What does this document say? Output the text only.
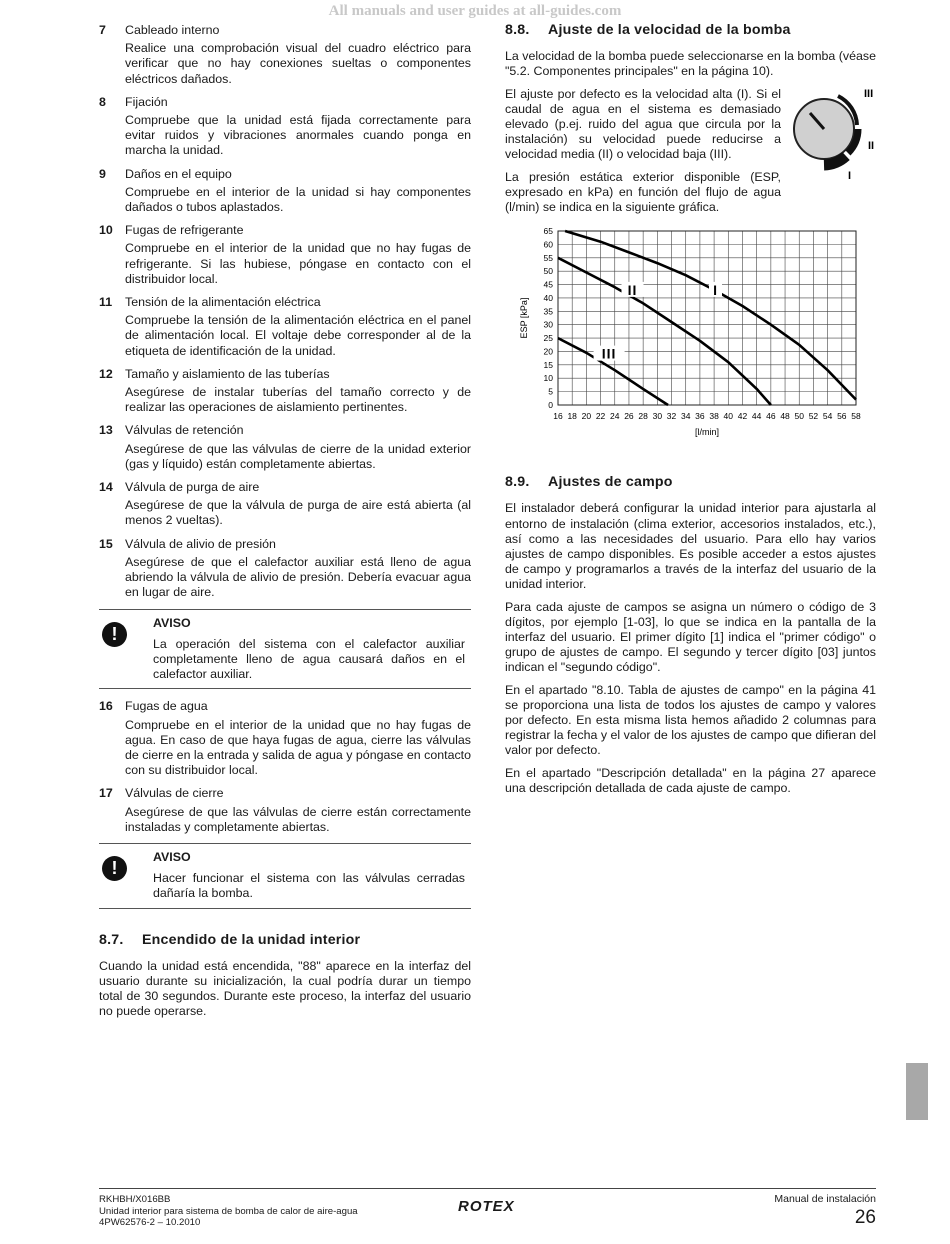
All manuals and user guides at all-guides.com
7	Cableado interno
Realice una comprobación visual del cuadro eléctrico para verificar que no hay conexiones sueltas o componentes eléctricos dañados.
8	Fijación
Compruebe que la unidad está fijada correctamente para evitar ruidos y vibraciones anormales cuando ponga en marcha la unidad.
9	Daños en el equipo
Compruebe en el interior de la unidad si hay componentes dañados o tubos aplastados.
10 Fugas de refrigerante
Compruebe en el interior de la unidad que no hay fugas de refrigerante. Si las hubiese, póngase en contacto con el distribuidor local.
11	Tensión de la alimentación eléctrica
Compruebe la tensión de la alimentación eléctrica en el panel de alimentación local. El voltaje debe corresponder al de la etiqueta de identificación de la unidad.
12 Tamaño y aislamiento de las tuberías
Asegúrese de instalar tuberías del tamaño correcto y de realizar las operaciones de aislamiento pertinentes.
13 Válvulas de retención
Asegúrese de que las válvulas de cierre de la unidad exterior (gas y líquido) están completamente abiertas.
14 Válvula de purga de aire
Asegúrese de que la válvula de purga de aire está abierta (al menos 2 vueltas).
15 Válvula de alivio de presión
Asegúrese de que el calefactor auxiliar está lleno de agua abriendo la válvula de alivio de presión. Debería evacuar agua en lugar de aire.
!
AVISO
La operación del sistema con el calefactor auxiliar completamente lleno de agua causará daños en el calefactor auxiliar.
16 Fugas de agua
Compruebe en el interior de la unidad que no hay fugas de agua. En caso de que haya fugas de agua, cierre las válvulas de cierre en la entrada y salida de agua y póngase en contacto con su distribuidor local.
17 Válvulas de cierre
Asegúrese de que las válvulas de cierre están correctamente instaladas y completamente abiertas.
!
AVISO
Hacer funcionar el sistema con las válvulas cerradas dañaría la bomba.
8.7. Encendido de la unidad interior

Cuando la unidad está encendida, "88" aparece en la interfaz del usuario durante su inicialización, la cual podría durar un tiempo total de 30 segundos. Durante este proceso, la interfaz del usuario no puede operarse.

8.8. Ajuste de la velocidad de la bomba

La velocidad de la bomba puede seleccionarse en la bomba (véase "5.2. Componentes principales" en la página 10).

El ajuste por defecto es la velocidad alta (I). Si el caudal de agua en el sistema es demasiado elevado (p.ej. ruido del agua que circula por la instalación) su velocidad puede reducirse a velocidad media (II) o velocidad baja (III).

La presión estática exterior disponible (ESP, expresado en kPa) en función del flujo de agua (l/min) se indica en la siguiente gráfica.

III
II
I
16 18 20 22 24 26 28 30 32 34 36 38 40 42 44 46 48 50 52 54 56 58
0
5
10
15
20
25
30
35
40
45
50
55
60
65
[l/min]
ESP [kPa]
I
II
III
8.9. Ajustes de campo

El instalador deberá configurar la unidad interior para ajustarla al entorno de instalación (clima exterior, accesorios instalados, etc.), así como a las necesidades del usuario. Para ello hay varios ajustes de campo disponibles. Es posible acceder a estos ajustes de campo y programarlos a través de la interfaz del usuario de la unidad interior.

Para cada ajuste de campos se asigna un número o código de 3 dígitos, por ejemplo [1-03], lo que se indica en la pantalla de la interfaz del usuario. El primer dígito [1] indica el "primer código" o grupo de ajustes de campo. El segundo y tercer dígito [03] juntos indican el "segundo código".

En el apartado "8.10. Tabla de ajustes de campo" en la página 41 se proporciona una lista de todos los ajustes de campo y valores por defecto. En esta misma lista hemos añadido 2 columnas para registrar la fecha y el valor de los ajustes de campo que difieran del valor por defecto.

En el apartado "Descripción detallada" en la página 27 aparece una descripción detallada de cada ajuste de campo.

RKHBH/X016BB
Unidad interior para sistema de bomba de calor de aire-agua
4PW62576-2 – 10.2010
ROTEX	Manual de instalación
26
